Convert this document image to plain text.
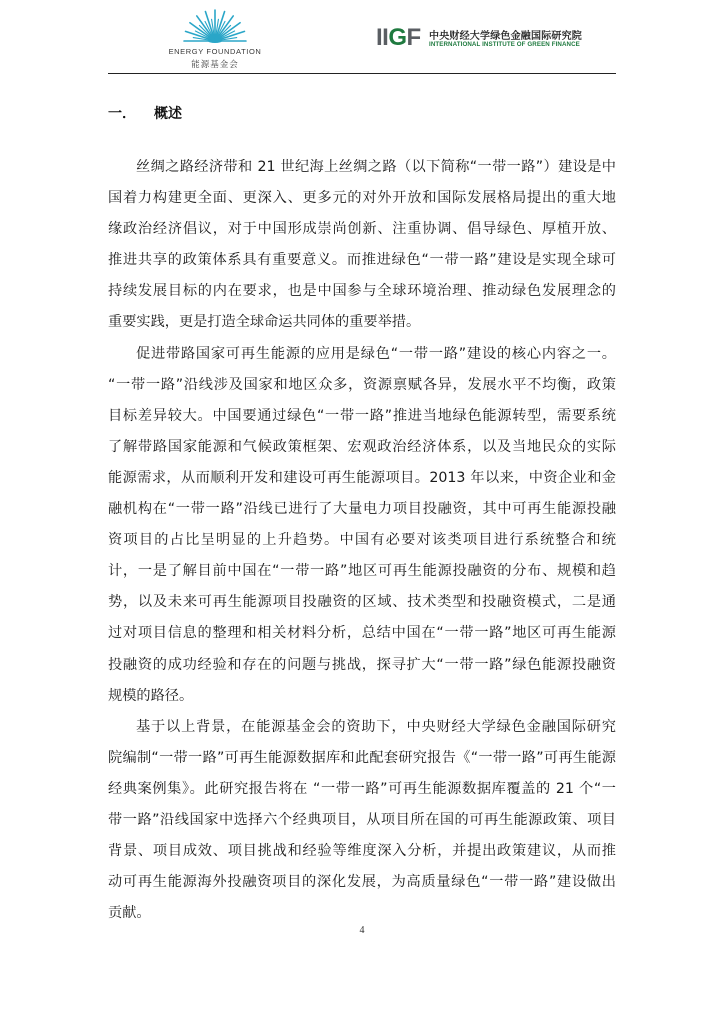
ENERGY FOUNDATION
能源基金会
IIGF 中央财经大学绿色金融国际研究院
INTERNATIONAL INSTITUTE OF GREEN FINANCE
一． 概述
丝绸之路经济带和 21 世纪海上丝绸之路（以下简称“一带一路”）建设是中
国着力构建更全面、更深入、更多元的对外开放和国际发展格局提出的重大地
缘政治经济倡议，对于中国形成崇尚创新、注重协调、倡导绿色、厚植开放、
推进共享的政策体系具有重要意义。而推进绿色“一带一路”建设是实现全球可
持续发展目标的内在要求，也是中国参与全球环境治理、推动绿色发展理念的
重要实践，更是打造全球命运共同体的重要举措。
促进带路国家可再生能源的应用是绿色“一带一路”建设的核心内容之一。
“一带一路”沿线涉及国家和地区众多，资源禀赋各异，发展水平不均衡，政策
目标差异较大。中国要通过绿色“一带一路”推进当地绿色能源转型，需要系统
了解带路国家能源和气候政策框架、宏观政治经济体系，以及当地民众的实际
能源需求，从而顺利开发和建设可再生能源项目。2013 年以来，中资企业和金
融机构在“一带一路”沿线已进行了大量电力项目投融资，其中可再生能源投融
资项目的占比呈明显的上升趋势。中国有必要对该类项目进行系统整合和统
计，一是了解目前中国在“一带一路”地区可再生能源投融资的分布、规模和趋
势，以及未来可再生能源项目投融资的区域、技术类型和投融资模式，二是通
过对项目信息的整理和相关材料分析，总结中国在“一带一路”地区可再生能源
投融资的成功经验和存在的问题与挑战，探寻扩大“一带一路”绿色能源投融资
规模的路径。
基于以上背景，在能源基金会的资助下，中央财经大学绿色金融国际研究
院编制“一带一路”可再生能源数据库和此配套研究报告《“一带一路”可再生能源
经典案例集》。此研究报告将在 “一带一路”可再生能源数据库覆盖的 21 个“一
带一路”沿线国家中选择六个经典项目，从项目所在国的可再生能源政策、项目
背景、项目成效、项目挑战和经验等维度深入分析，并提出政策建议，从而推
动可再生能源海外投融资项目的深化发展，为高质量绿色“一带一路”建设做出
贡献。
4
